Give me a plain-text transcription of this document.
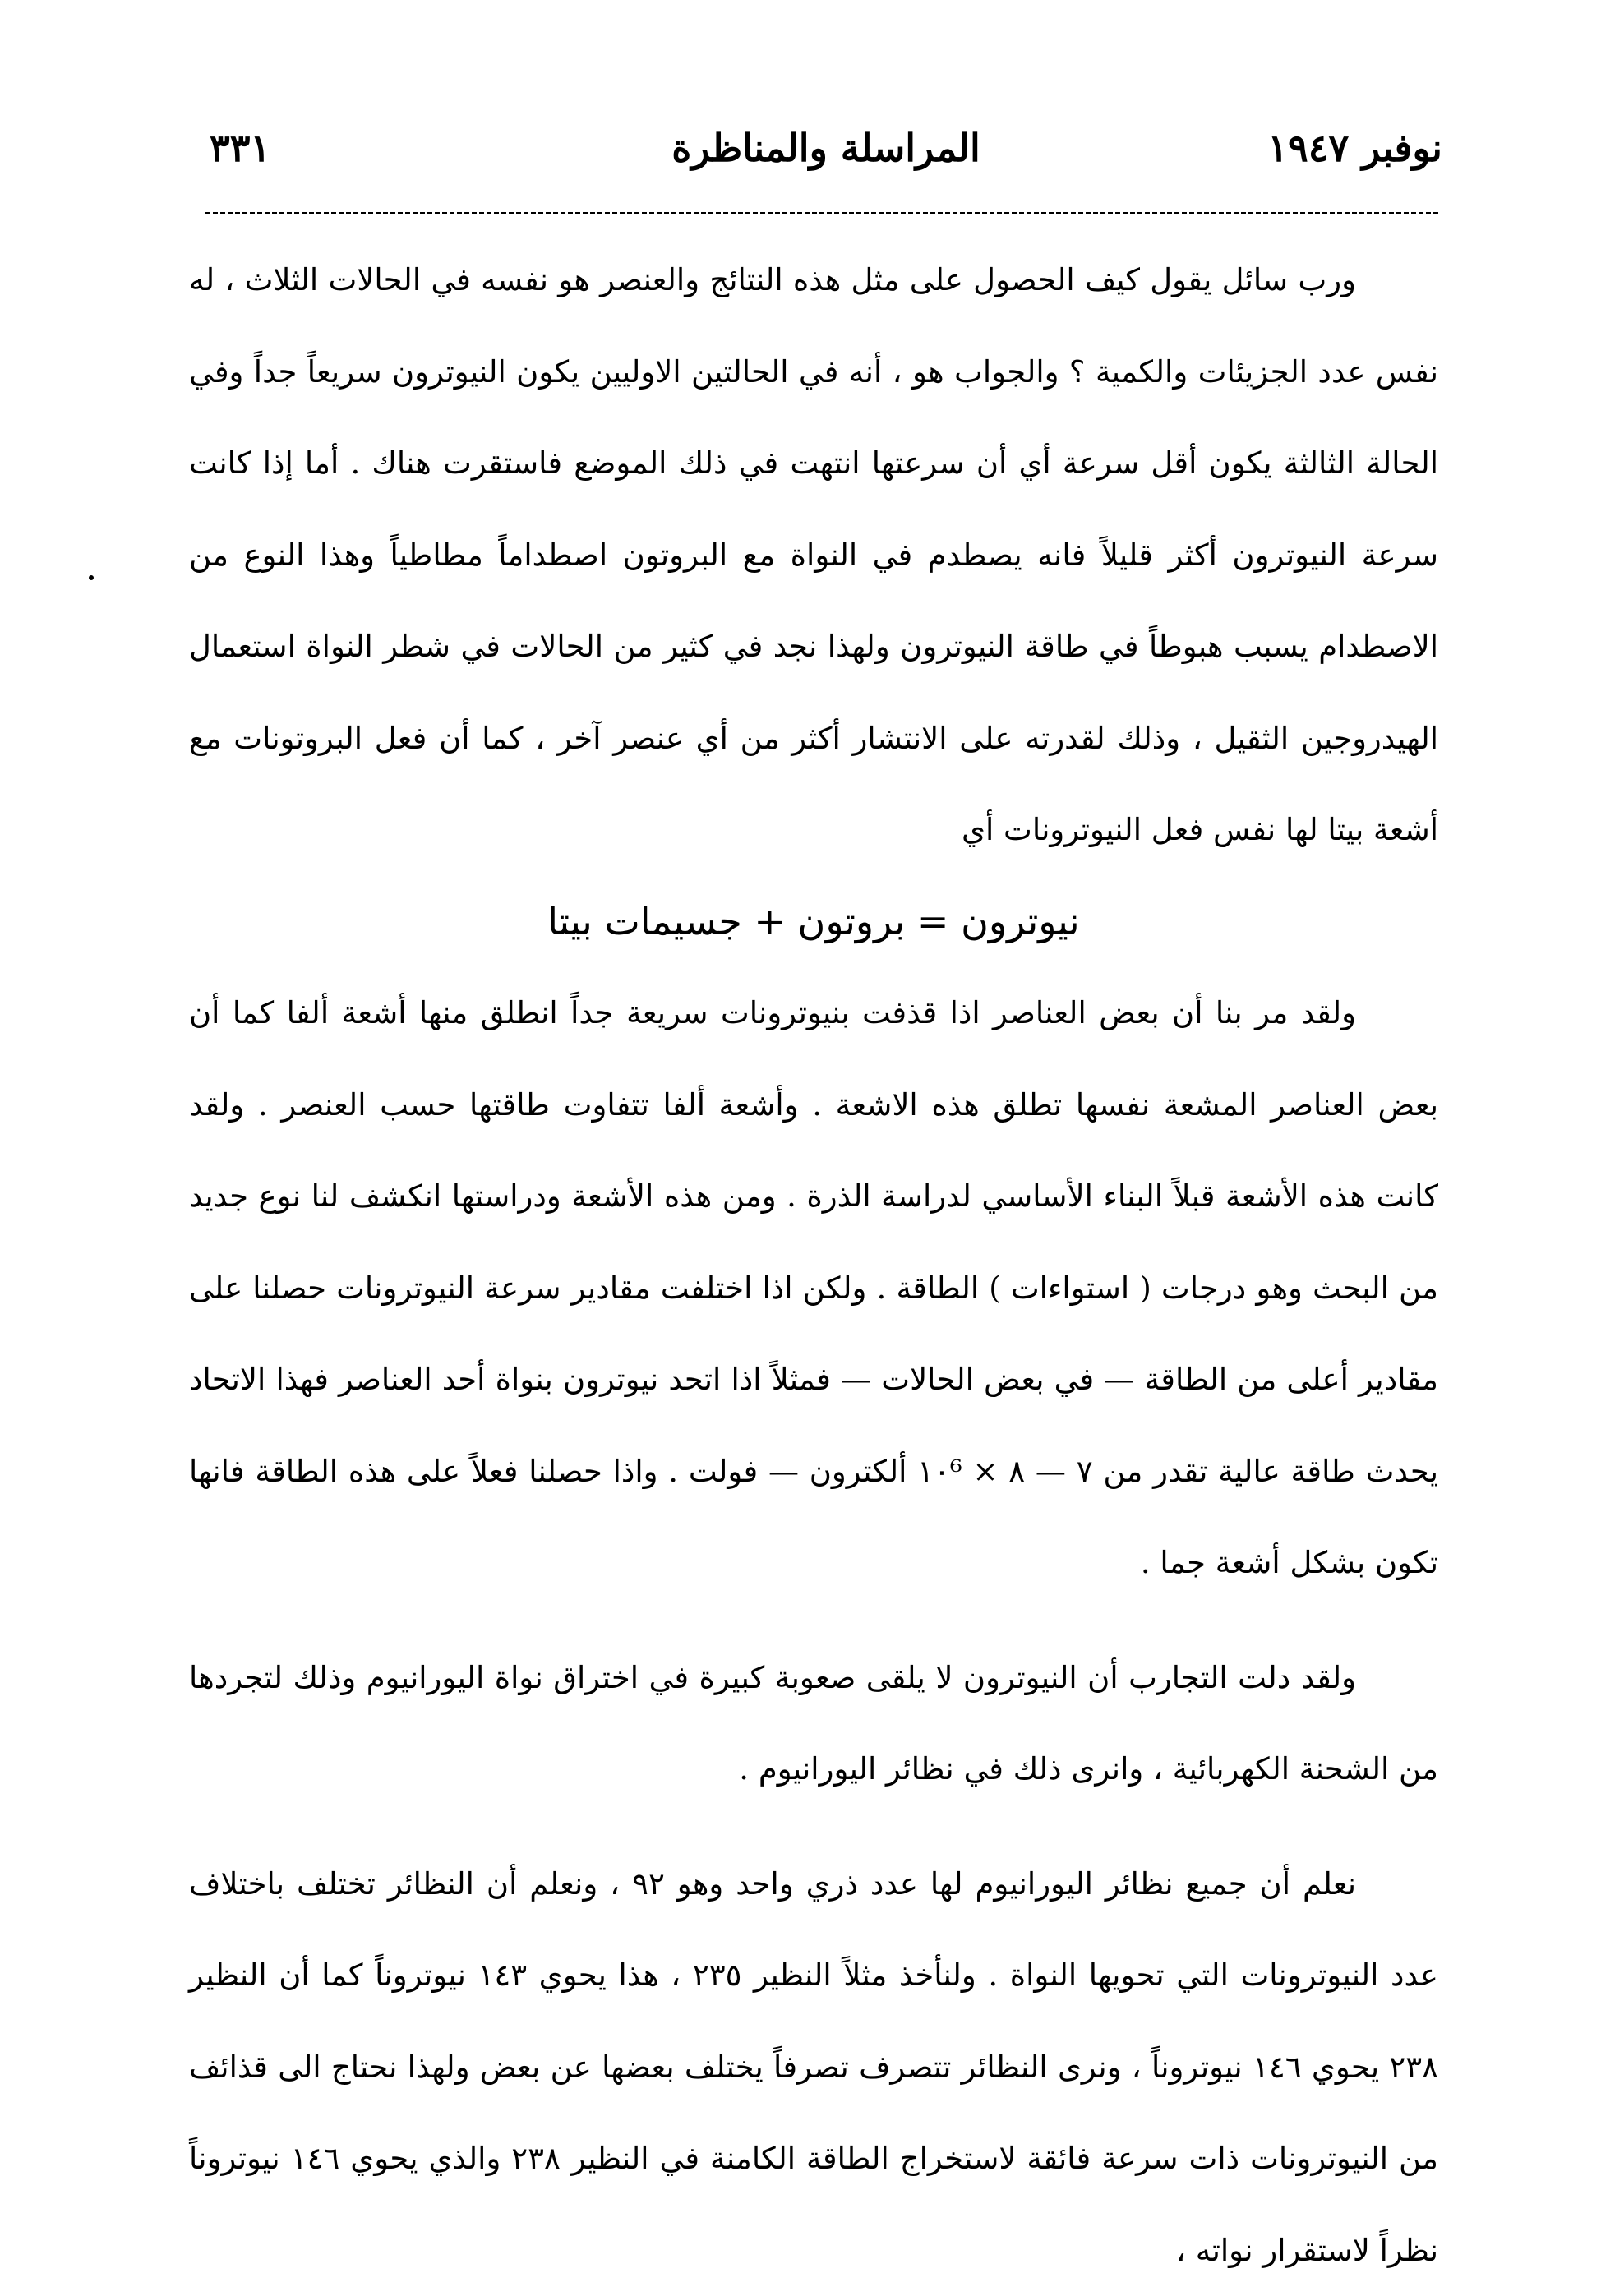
نوفبر ١٩٤٧
المراسلة والمناظرة
٣٣١

ورب سائل يقول كيف الحصول على مثل هذه النتائج والعنصر هو نفسه في الحالات الثلاث ، له نفس عدد الجزيئات والكمية ؟ والجواب هو ، أنه في الحالتين الاوليين يكون النيوترون سريعاً جداً وفي الحالة الثالثة يكون أقل سرعة أي أن سرعتها انتهت في ذلك الموضع فاستقرت هناك . أما إذا كانت سرعة النيوترون أكثر قليلاً فانه يصطدم في النواة مع البروتون اصطداماً مطاطياً وهذا النوع من الاصطدام يسبب هبوطاً في طاقة النيوترون ولهذا نجد في كثير من الحالات في شطر النواة استعمال الهيدروجين الثقيل ، وذلك لقدرته على الانتشار أكثر من أي عنصر آخر ، كما أن فعل البروتونات مع أشعة بيتا لها نفس فعل النيوترونات أي

نيوترون = بروتون + جسيمات بيتا

ولقد مر بنا أن بعض العناصر اذا قذفت بنيوترونات سريعة جداً انطلق منها أشعة ألفا كما أن بعض العناصر المشعة نفسها تطلق هذه الاشعة . وأشعة ألفا تتفاوت طاقتها حسب العنصر . ولقد كانت هذه الأشعة قبلاً البناء الأساسي لدراسة الذرة . ومن هذه الأشعة ودراستها انكشف لنا نوع جديد من البحث وهو درجات ( استواءات ) الطاقة . ولكن اذا اختلفت مقادير سرعة النيوترونات حصلنا على مقادير أعلى من الطاقة — في بعض الحالات — فمثلاً اذا اتحد نيوترون بنواة أحد العناصر فهذا الاتحاد يحدث طاقة عالية تقدر من ٧ — ٨ × ١٠⁶ ألكترون — فولت . واذا حصلنا فعلاً على هذه الطاقة فانها تكون بشكل أشعة جما .

ولقد دلت التجارب أن النيوترون لا يلقى صعوبة كبيرة في اختراق نواة اليورانيوم وذلك لتجردها من الشحنة الكهربائية ، وانرى ذلك في نظائر اليورانيوم .

نعلم أن جميع نظائر اليورانيوم لها عدد ذري واحد وهو ٩٢ ، ونعلم أن النظائر تختلف باختلاف عدد النيوترونات التي تحويها النواة . ولنأخذ مثلاً النظير ٢٣٥ ، هذا يحوي ١٤٣ نيوتروناً كما أن النظير ٢٣٨ يحوي ١٤٦ نيوتروناً ، ونرى النظائر تتصرف تصرفاً يختلف بعضها عن بعض ولهذا نحتاج الى قذائف من النيوترونات ذات سرعة فائقة لاستخراج الطاقة الكامنة في النظير ٢٣٨ والذي يحوي ١٤٦ نيوتروناً نظراً لاستقرار نواته ،
